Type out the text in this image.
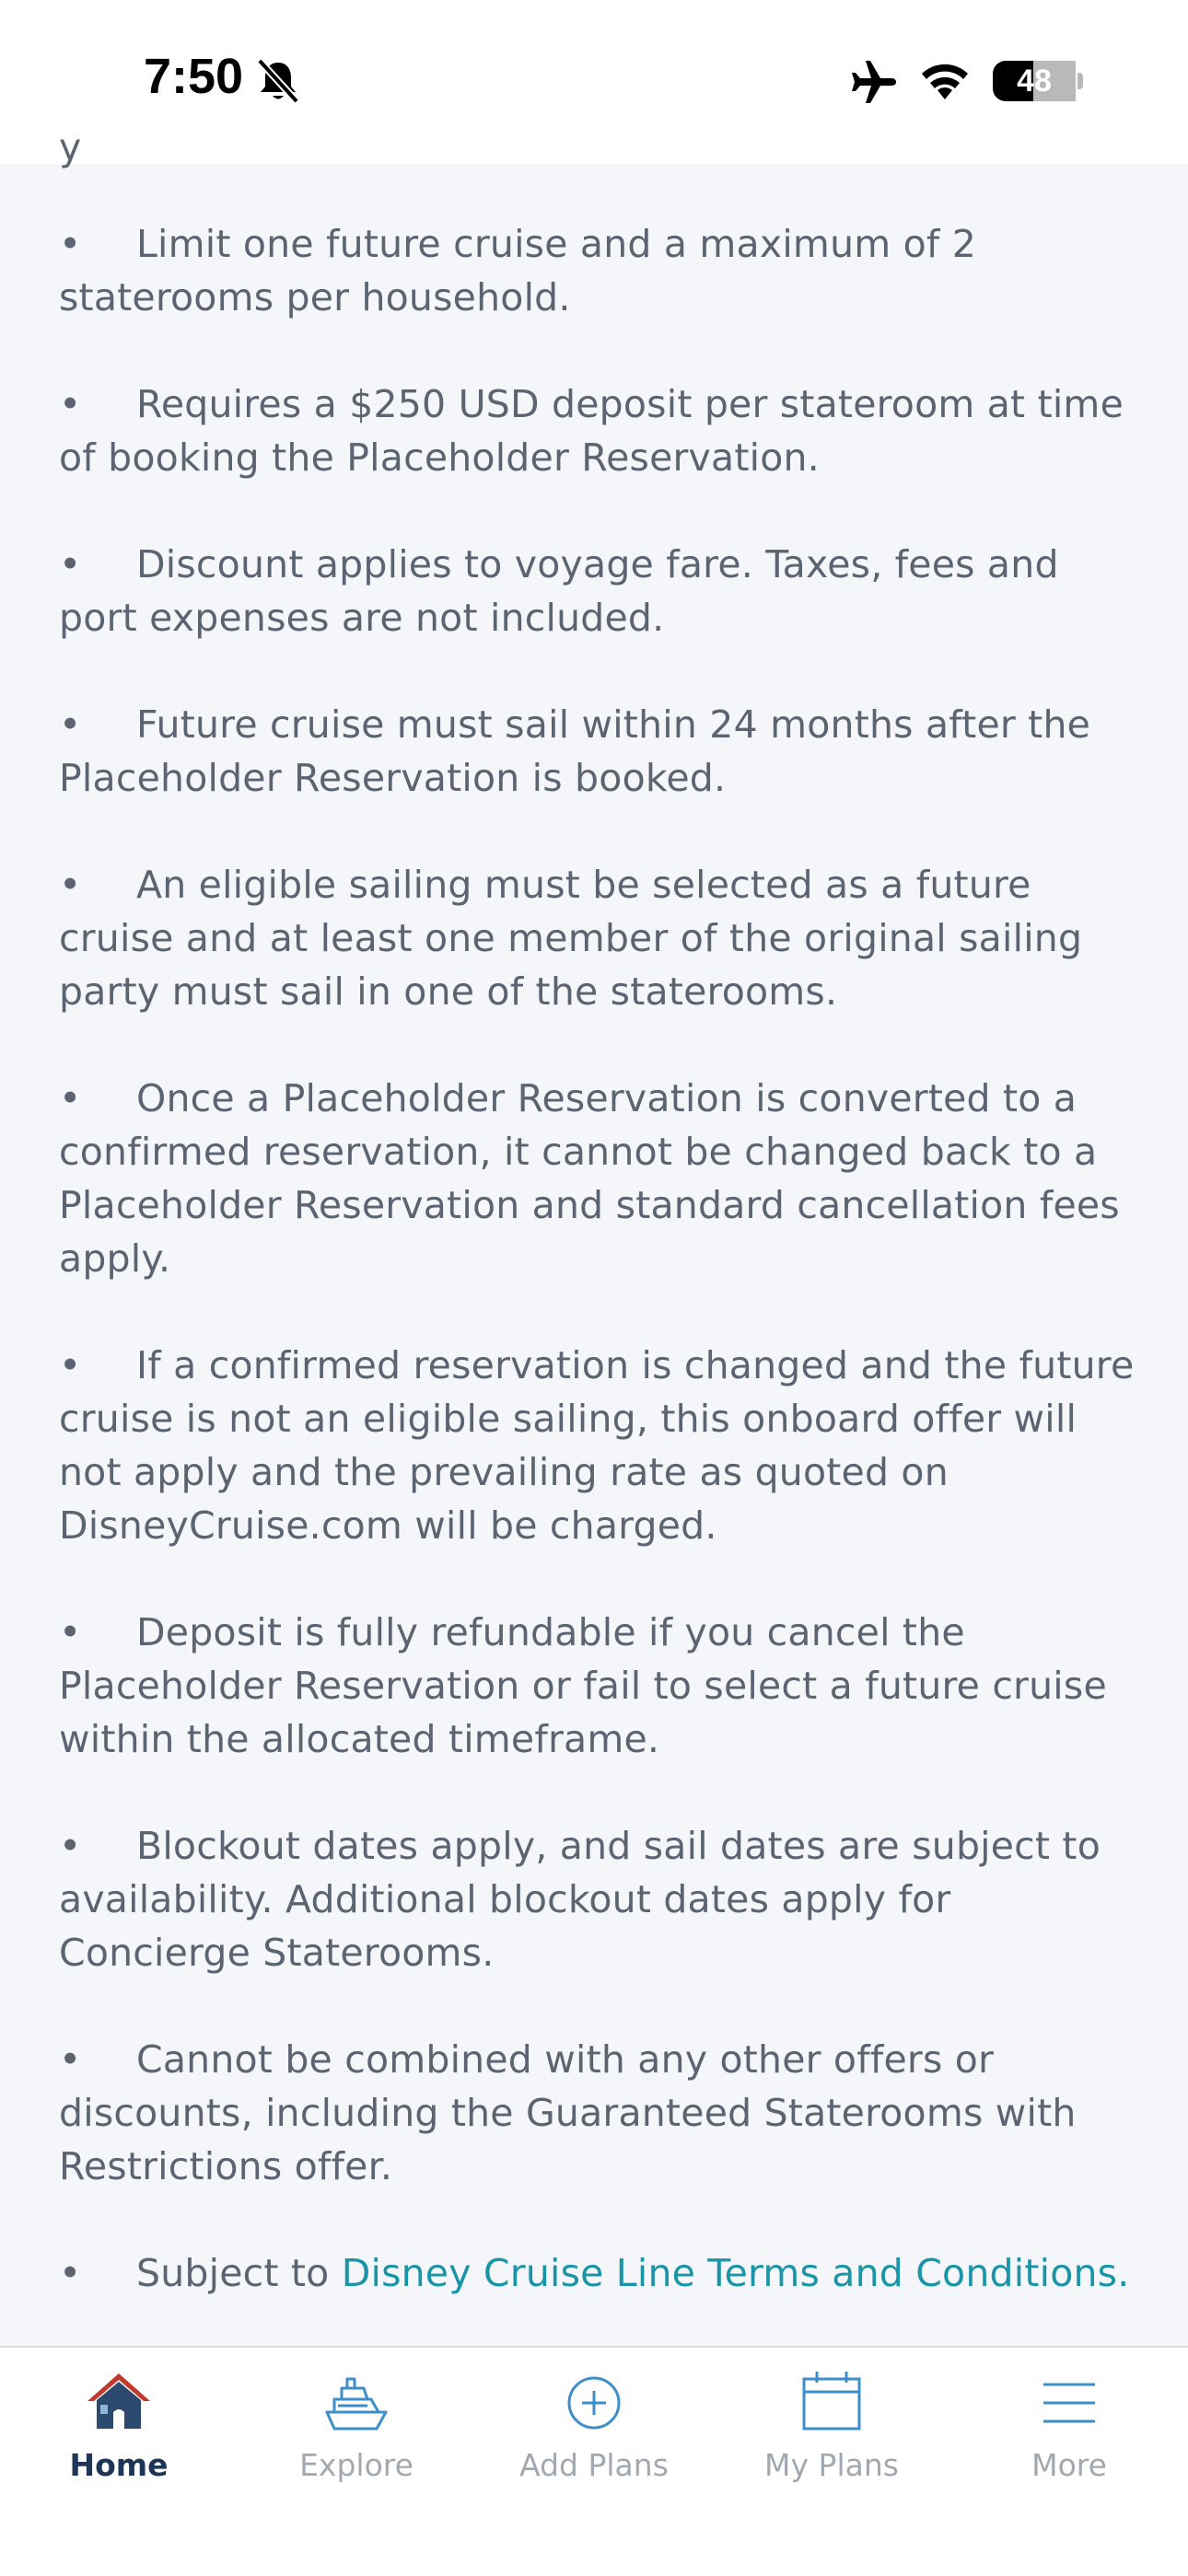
7:50	48
y
• Limit one future cruise and a maximum of 2 staterooms per household.
• Requires a $250 USD deposit per stateroom at time of booking the Placeholder Reservation.
• Discount applies to voyage fare. Taxes, fees and port expenses are not included.
• Future cruise must sail within 24 months after the Placeholder Reservation is booked.
• An eligible sailing must be selected as a future cruise and at least one member of the original sailing party must sail in one of the staterooms.
• Once a Placeholder Reservation is converted to a confirmed reservation, it cannot be changed back to a Placeholder Reservation and standard cancellation fees apply.
• If a confirmed reservation is changed and the future cruise is not an eligible sailing, this onboard offer will not apply and the prevailing rate as quoted on DisneyCruise.com will be charged.
• Deposit is fully refundable if you cancel the Placeholder Reservation or fail to select a future cruise within the allocated timeframe.
• Blockout dates apply, and sail dates are subject to availability. Additional blockout dates apply for Concierge Staterooms.
• Cannot be combined with any other offers or discounts, including the Guaranteed Staterooms with Restrictions offer.
• Subject to Disney Cruise Line Terms and Conditions.
Home	Explore	Add Plans	My Plans	More
